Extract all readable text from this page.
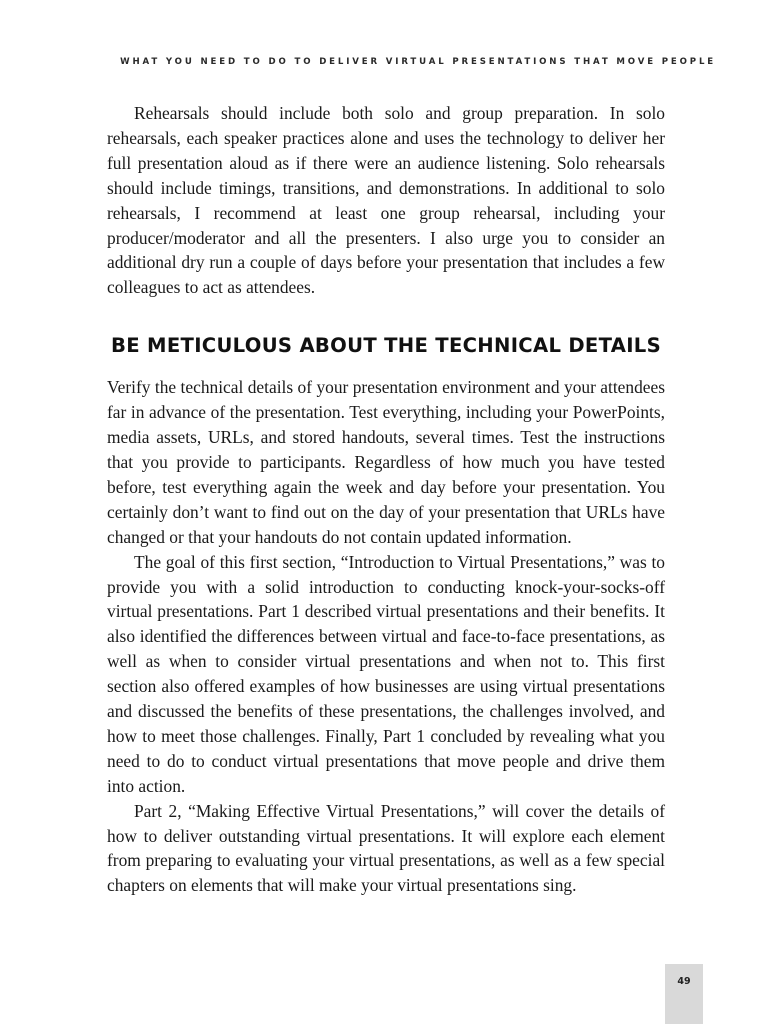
WHAT YOU NEED TO DO TO DELIVER VIRTUAL PRESENTATIONS THAT MOVE PEOPLE

Rehearsals should include both solo and group preparation. In solo rehearsals, each speaker practices alone and uses the technology to deliver her full presentation aloud as if there were an audience listening. Solo rehearsals should include timings, transitions, and demonstrations. In additional to solo rehearsals, I recommend at least one group rehearsal, including your producer/moderator and all the presenters. I also urge you to consider an additional dry run a couple of days before your presentation that includes a few colleagues to act as attendees.

BE METICULOUS ABOUT THE TECHNICAL DETAILS

Verify the technical details of your presentation environment and your attendees far in advance of the presentation. Test everything, including your PowerPoints, media assets, URLs, and stored handouts, several times. Test the instructions that you provide to participants. Regardless of how much you have tested before, test everything again the week and day before your presentation. You certainly don’t want to find out on the day of your presentation that URLs have changed or that your handouts do not contain updated information.

The goal of this first section, “Introduction to Virtual Presentations,” was to provide you with a solid introduction to conducting knock-your-socks-off virtual presentations. Part 1 described virtual presentations and their benefits. It also identified the differences between virtual and face-to-face presentations, as well as when to consider virtual presentations and when not to. This first section also offered examples of how businesses are using virtual presentations and discussed the benefits of these presentations, the challenges involved, and how to meet those challenges. Finally, Part 1 concluded by revealing what you need to do to conduct virtual presentations that move people and drive them into action.

Part 2, “Making Effective Virtual Presentations,” will cover the details of how to deliver outstanding virtual presentations. It will explore each element from preparing to evaluating your virtual presentations, as well as a few special chapters on elements that will make your virtual presentations sing.

49
